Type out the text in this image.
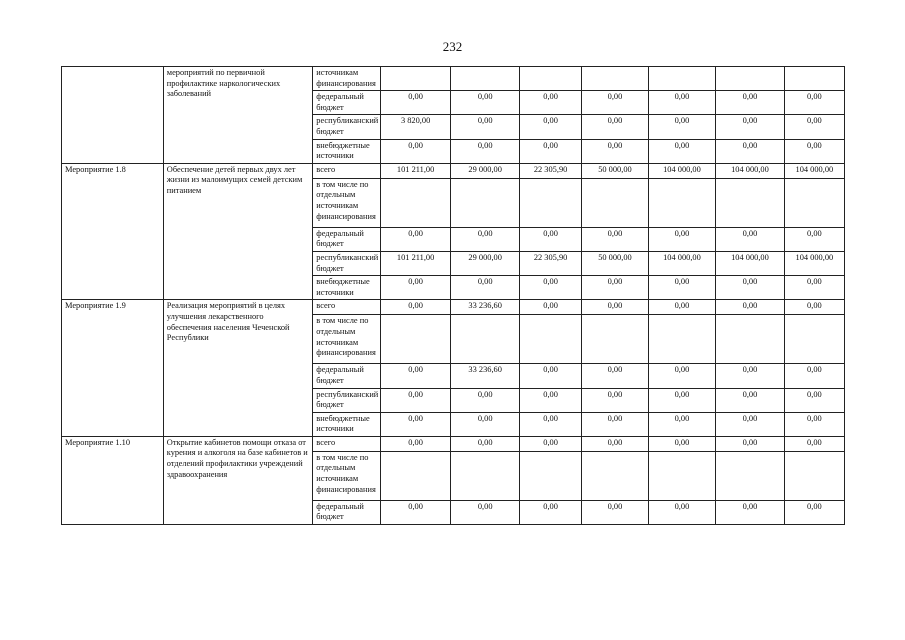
232
	мероприятий по первичной профилактике наркологических заболеваний	источникам финансирования							
		федеральный бюджет	0,00	0,00	0,00	0,00	0,00	0,00	0,00
		республиканский бюджет	3 820,00	0,00	0,00	0,00	0,00	0,00	0,00
		внебюджетные источники	0,00	0,00	0,00	0,00	0,00	0,00	0,00
Мероприятие 1.8	Обеспечение детей первых двух лет жизни из малоимущих семей детским питанием	всего	101 211,00	29 000,00	22 305,90	50 000,00	104 000,00	104 000,00	104 000,00
		в том числе по отдельным источникам финансирования							
		федеральный бюджет	0,00	0,00	0,00	0,00	0,00	0,00	0,00
		республиканский бюджет	101 211,00	29 000,00	22 305,90	50 000,00	104 000,00	104 000,00	104 000,00
		внебюджетные источники	0,00	0,00	0,00	0,00	0,00	0,00	0,00
Мероприятие 1.9	Реализация мероприятий в целях улучшения лекарственного обеспечения населения Чеченской Республики	всего	0,00	33 236,60	0,00	0,00	0,00	0,00	0,00
		в том числе по отдельным источникам финансирования							
		федеральный бюджет	0,00	33 236,60	0,00	0,00	0,00	0,00	0,00
		республиканский бюджет	0,00	0,00	0,00	0,00	0,00	0,00	0,00
		внебюджетные источники	0,00	0,00	0,00	0,00	0,00	0,00	0,00
Мероприятие 1.10	Открытие кабинетов помощи отказа от курения и алкоголя на базе кабинетов и отделений профилактики учреждений здравоохранения	всего	0,00	0,00	0,00	0,00	0,00	0,00	0,00
		в том числе по отдельным источникам финансирования							
		федеральный бюджет	0,00	0,00	0,00	0,00	0,00	0,00	0,00
